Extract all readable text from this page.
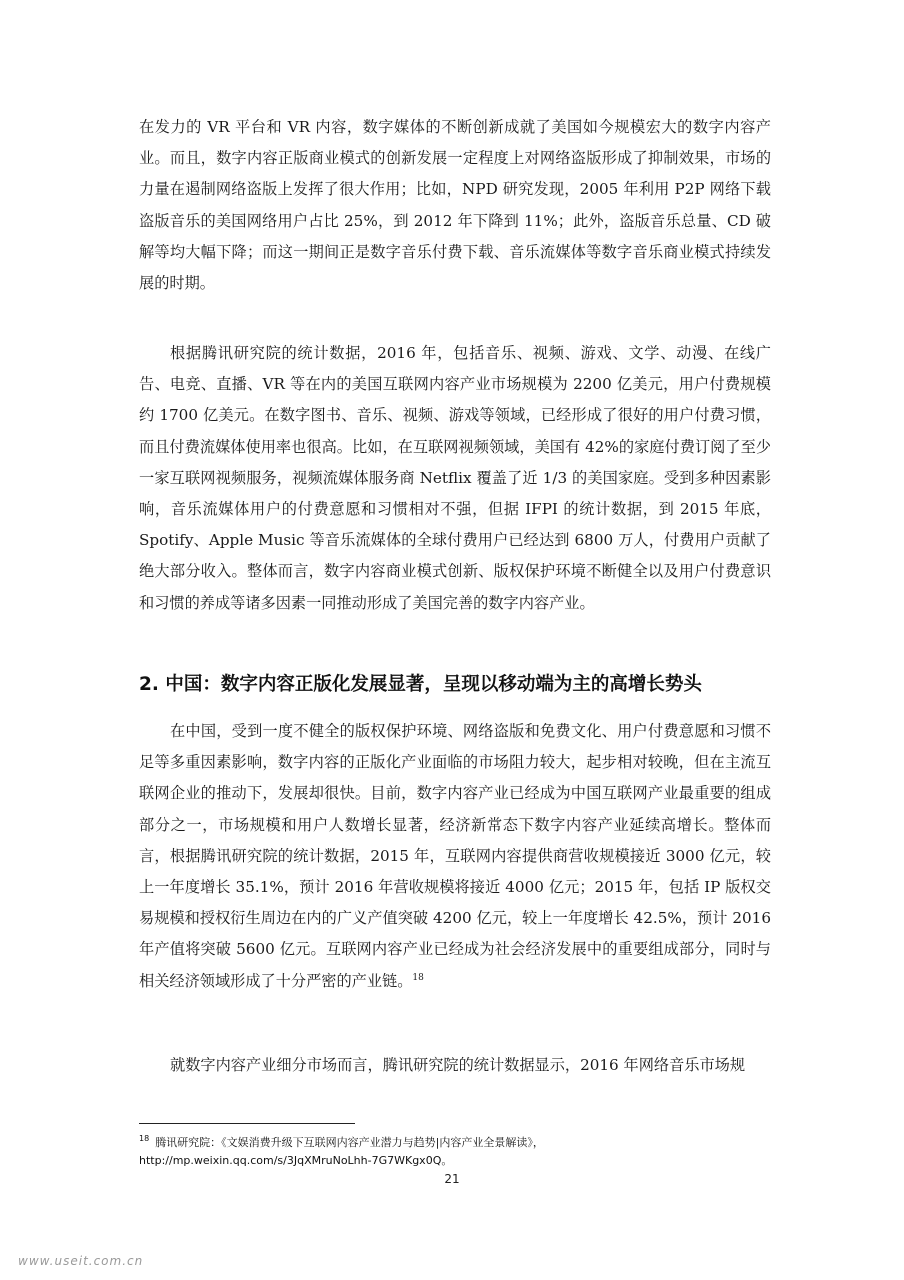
在发力的 VR 平台和 VR 内容，数字媒体的不断创新成就了美国如今规模宏大的数字内容产业。而且，数字内容正版商业模式的创新发展一定程度上对网络盗版形成了抑制效果，市场的力量在遏制网络盗版上发挥了很大作用；比如，NPD 研究发现，2005 年利用 P2P 网络下载盗版音乐的美国网络用户占比 25%，到 2012 年下降到 11%；此外，盗版音乐总量、CD 破解等均大幅下降；而这一期间正是数字音乐付费下载、音乐流媒体等数字音乐商业模式持续发展的时期。

根据腾讯研究院的统计数据，2016 年，包括音乐、视频、游戏、文学、动漫、在线广告、电竞、直播、VR 等在内的美国互联网内容产业市场规模为 2200 亿美元，用户付费规模约 1700 亿美元。在数字图书、音乐、视频、游戏等领域，已经形成了很好的用户付费习惯，而且付费流媒体使用率也很高。比如，在互联网视频领域，美国有 42%的家庭付费订阅了至少一家互联网视频服务，视频流媒体服务商 Netflix 覆盖了近 1/3 的美国家庭。受到多种因素影响，音乐流媒体用户的付费意愿和习惯相对不强，但据 IFPI 的统计数据，到 2015 年底，Spotify、Apple Music 等音乐流媒体的全球付费用户已经达到 6800 万人，付费用户贡献了绝大部分收入。整体而言，数字内容商业模式创新、版权保护环境不断健全以及用户付费意识和习惯的养成等诸多因素一同推动形成了美国完善的数字内容产业。

2. 中国：数字内容正版化发展显著，呈现以移动端为主的高增长势头

在中国，受到一度不健全的版权保护环境、网络盗版和免费文化、用户付费意愿和习惯不足等多重因素影响，数字内容的正版化产业面临的市场阻力较大，起步相对较晚，但在主流互联网企业的推动下，发展却很快。目前，数字内容产业已经成为中国互联网产业最重要的组成部分之一，市场规模和用户人数增长显著，经济新常态下数字内容产业延续高增长。整体而言，根据腾讯研究院的统计数据，2015 年，互联网内容提供商营收规模接近 3000 亿元，较上一年度增长 35.1%，预计 2016 年营收规模将接近 4000 亿元；2015 年，包括 IP 版权交易规模和授权衍生周边在内的广义产值突破 4200 亿元，较上一年度增长 42.5%，预计 2016 年产值将突破 5600 亿元。互联网内容产业已经成为社会经济发展中的重要组成部分，同时与相关经济领域形成了十分严密的产业链。$^{18}$

就数字内容产业细分市场而言，腾讯研究院的统计数据显示，2016 年网络音乐市场规

$^{18}$ 腾讯研究院：《文娱消费升级下互联网内容产业潜力与趋势|内容产业全景解读》，

http://mp.weixin.qq.com/s/3JqXMruNoLhh-7G7WKgx0Q。

21
www.useit.com.cn
